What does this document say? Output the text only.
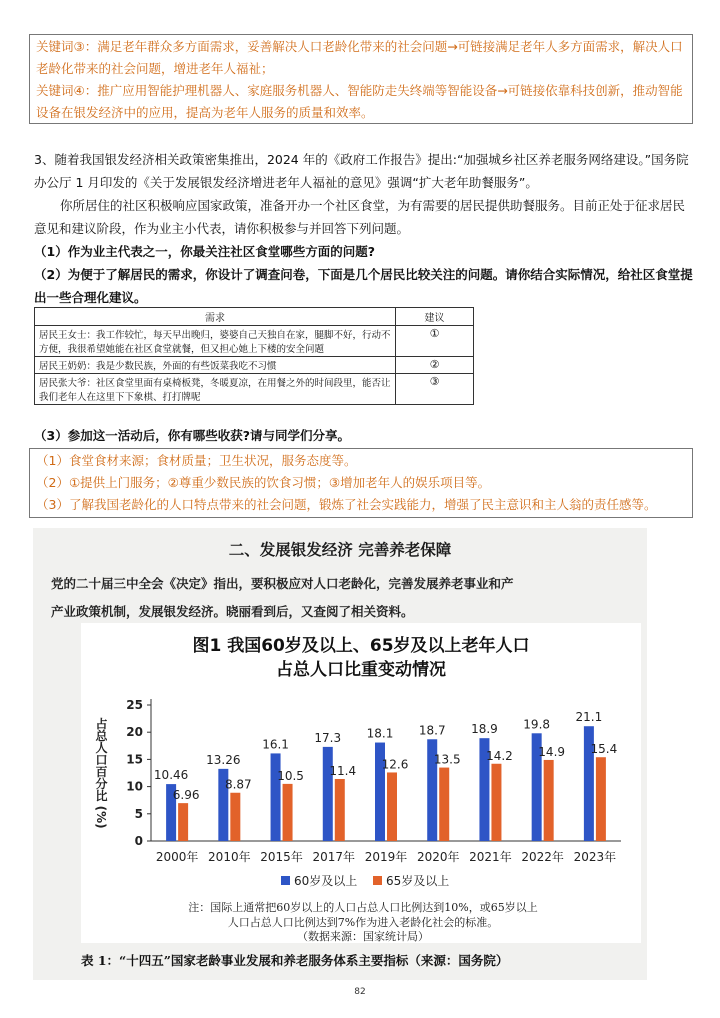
关键词③：满足老年群众多方面需求，妥善解决人口老龄化带来的社会问题→可链接满足老年人多方面需求，解决人口老龄化带来的社会问题，增进老年人福祉；

关键词④：推广应用智能护理机器人、家庭服务机器人、智能防走失终端等智能设备→可链接依靠科技创新，推动智能设备在银发经济中的应用，提高为老年人服务的质量和效率。

3、随着我国银发经济相关政策密集推出，2024 年的《政府工作报告》提出:“加强城乡社区养老服务网络建设。”国务院办公厅 1 月印发的《关于发展银发经济增进老年人福祉的意见》强调“扩大老年助餐服务”。

你所居住的社区积极响应国家政策，准备开办一个社区食堂，为有需要的居民提供助餐服务。目前正处于征求居民意见和建议阶段，作为业主小代表，请你积极参与并回答下列问题。

（1）作为业主代表之一，你最关注社区食堂哪些方面的问题?

（2）为便于了解居民的需求，你设计了调查问卷，下面是几个居民比较关注的问题。请你结合实际情况，给社区食堂提出一些合理化建议。

需求	建议
居民王女士：我工作较忙，每天早出晚归，婆婆自己天独自在家，腿脚不好，行动不方便，我很希望她能在社区食堂就餐，但又担心她上下楼的安全问题	①
居民王奶奶：我是少数民族，外面的有些饭菜我吃不习惯	②
居民张大爷：社区食堂里面有桌椅板凳，冬暖夏凉，在用餐之外的时间段里，能否让我们老年人在这里下下象棋、打打牌呢	③
（3）参加这一活动后，你有哪些收获?请与同学们分享。

（1）食堂食材来源；食材质量；卫生状况，服务态度等。

（2）①提供上门服务；②尊重少数民族的饮食习惯；③增加老年人的娱乐项目等。

（3）了解我国老龄化的人口特点带来的社会问题，锻炼了社会实践能力，增强了民主意识和主人翁的责任感等。

二、发展银发经济 完善养老保障
党的二十届三中全会《决定》指出，要积极应对人口老龄化，完善发展养老事业和产
产业政策机制，发展银发经济。晓丽看到后，又查阅了相关资料。
图1 我国60岁及以上、65岁及以上老年人口
占总人口比重变动情况
占总人口百分比 (%)
0
5
10
15
20
25
10.46
6.96
2000年
13.26
8.87
2010年
16.1
10.5
2015年
17.3
11.4
2017年
18.1
12.6
2019年
18.7
13.5
2020年
18.9
14.2
2021年
19.8
14.9
2022年
21.1
15.4
2023年
60岁及以上 65岁及以上
注：国际上通常把60岁以上的人口占总人口比例达到10%，或65岁以上
人口占总人口比例达到7%作为进入老龄化社会的标准。
（数据来源：国家统计局）
表 1：“十四五”国家老龄事业发展和养老服务体系主要指标（来源：国务院）
82
